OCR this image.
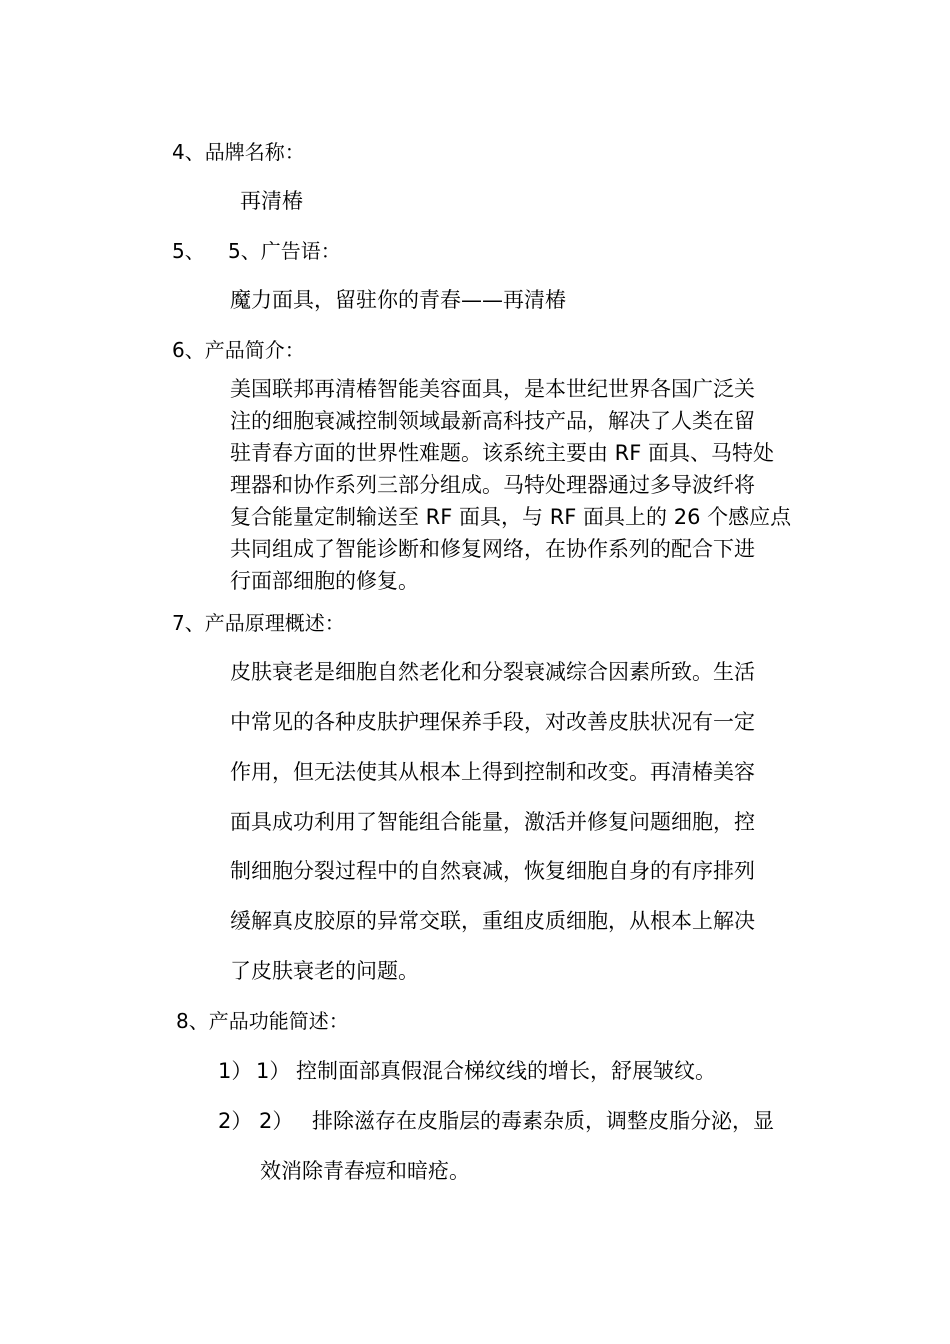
4、品牌名称：
再清椿
5、 5、广告语：
魔力面具，留驻你的青春——再清椿
6、产品简介：
美国联邦再清椿智能美容面具，是本世纪世界各国广泛关
注的细胞衰减控制领域最新高科技产品，解决了人类在留
驻青春方面的世界性难题。该系统主要由 RF 面具、马特处
理器和协作系列三部分组成。马特处理器通过多导波纤将
复合能量定制输送至 RF 面具，与 RF 面具上的 26 个感应点
共同组成了智能诊断和修复网络，在协作系列的配合下进
行面部细胞的修复。
7、产品原理概述：
皮肤衰老是细胞自然老化和分裂衰减综合因素所致。生活
中常见的各种皮肤护理保养手段，对改善皮肤状况有一定
作用，但无法使其从根本上得到控制和改变。再清椿美容
面具成功利用了智能组合能量，激活并修复问题细胞，控
制细胞分裂过程中的自然衰减，恢复细胞自身的有序排列
缓解真皮胶原的异常交联，重组皮质细胞，从根本上解决
了皮肤衰老的问题。
8、产品功能简述：
1） 1） 控制面部真假混合梯纹线的增长，舒展皱纹。
2） 2） 排除滋存在皮脂层的毒素杂质，调整皮脂分泌，显
效消除青春痘和暗疮。
